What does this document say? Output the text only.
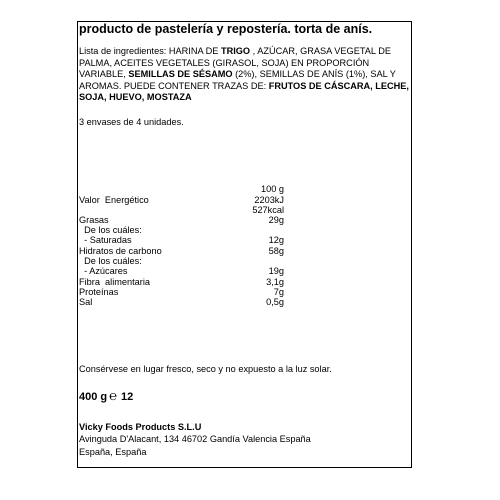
producto de pastelería y repostería. torta de anís.
Lista de ingredientes: HARINA DE TRIGO , AZÚCAR, GRASA VEGETAL DE PALMA, ACEITES VEGETALES (GIRASOL, SOJA) EN PROPORCIÓN VARIABLE, SEMILLAS DE SÉSAMO (2%), SEMILLAS DE ANÍS (1%), SAL Y AROMAS. PUEDE CONTENER TRAZAS DE: FRUTOS DE CÁSCARA, LECHE, SOJA, HUEVO, MOSTAZA
3 envases de 4 unidades.
100 g
Valor  Energético	2203kJ
527kcal
Grasas	29g
De los cuáles:
- Saturadas	12g
Hidratos de carbono	58g
De los cuáles:
- Azúcares	19g
Fibra  alimentaria	3,1g
Proteínas	7g
Sal	0,5g
Consérvese en lugar fresco, seco y no expuesto a la luz solar.
400 g ℮ 12
Vicky Foods Products S.L.U
Avinguda D'Alacant, 134 46702 Gandía Valencia España
España, España
